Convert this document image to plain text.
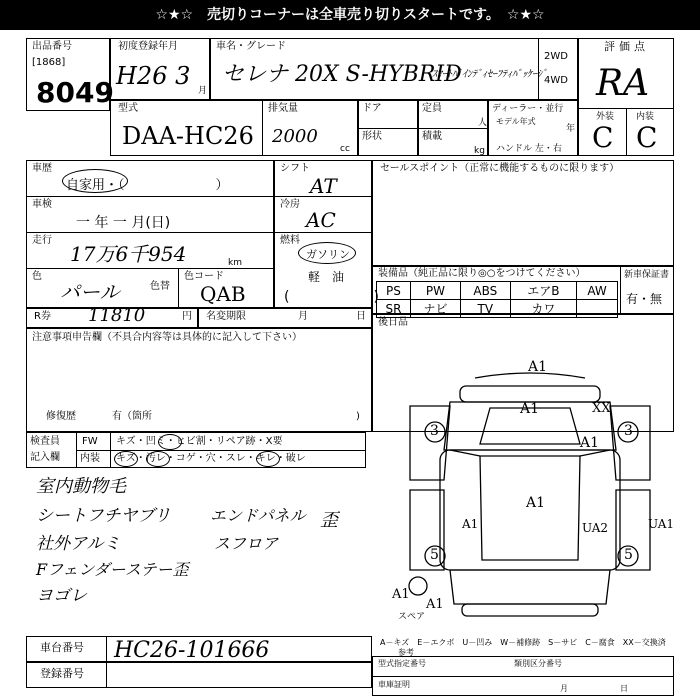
☆★☆　売切りコーナーは全車売り切りスタートです。　☆★☆
出品番号
[1868]
8049
初度登録年月
H26 3
月
車名・グレード
セレナ 20X S-HYBRID
ｽﾏｰﾄﾊﾞｲﾝﾃﾞｨｾｰﾌﾃｨﾊﾟｯｹｰｼﾞ
2WD
4WD
評価点
RA
外装 内装
C C
型式
DAA-HC26
排気量
2000
cc
ドア
形状
定員
人
積載
kg
ディーラー・並行
モデル年式
年
ハンドル 左・右
車歴
自家用・（　　　　　　　）
車検
一 年 一 月(日)
走行
17万6千954	km
色
パール	色替
色コード
QAB
シフト
AT
冷房
AC
燃料
ガソリン
軽　油
(　　　　　　)
セールスポイント（正常に機能するものに限ります）
装備品（純正品に限り◎○をつけてください）
PS	PW	ABS	エアB	AW
SR	ナビ	TV	カワ	
新車保証書
有・無
後日品
R券 11810	円 名変期限	月	日
注意事項申告欄（不具合内容等は具体的に記入して下さい）
修復歴	有（箇所	)
検査員
記入欄
FW キズ・凹ミ・ヒビ割・リペア跡・X要
内装 キズ・汚レ・コゲ・穴・スレ・キレ・破レ
室内動物毛
シートフチヤブリ
社外アルミ
Fフェンダーステー歪
ヨゴレ
エンドパネル
スフロア
歪
車台番号 HC26-101666
登録番号
A1
A1	XX
A1
A1
A1
A1
UA2	UA1
A1
3	3
5	5
スペア
A－キズ　E－エクボ　U－凹み　W－補修跡　S－サビ　C－腐食　XX－交換済
参考
型式指定番号	類別区分番号
車庫証明	月	日
